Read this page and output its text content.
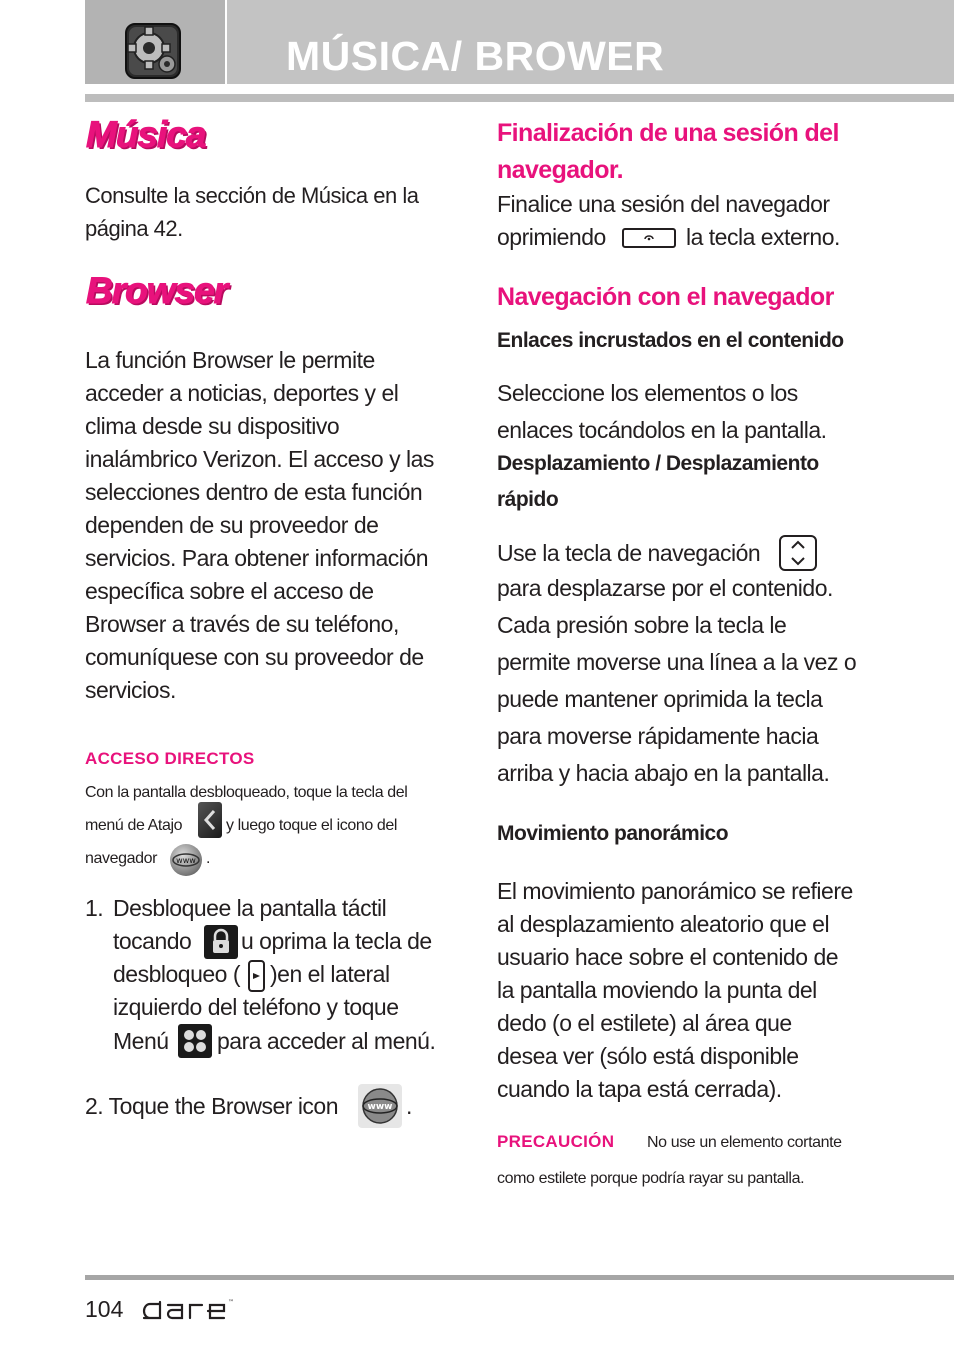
MÚSICA/ BROWER
Música
Consulte la sección de Música en la
página 42.
Browser
La función Browser le permite
acceder a noticias, deportes y el
clima desde su dispositivo
inalámbrico Verizon. El acceso y las
selecciones dentro de esta función
dependen de su proveedor de
servicios. Para obtener información
específica sobre el acceso de
Browser a través de su teléfono,
comuníquese con su proveedor de
servicios.
ACCESO DIRECTOS
Con la pantalla desbloqueado, toque la tecla del
menú de Atajo	y luego toque el icono del
navegador www .
1. Desbloquee la pantalla táctil
tocando u oprima la tecla de
desbloqueo ( )en el lateral
izquierdo del teléfono y toque
Menú para acceder al menú.
2. Toque the Browser icon	www .
Finalización de una sesión del
navegador.
Finalice una sesión del navegador
oprimiendo	la tecla externo.
Navegación con el navegador
Enlaces incrustados en el contenido
Seleccione los elementos o los
enlaces tocándolos en la pantalla.
Desplazamiento / Desplazamiento
rápido
Use la tecla de navegación
para desplazarse por el contenido.
Cada presión sobre la tecla le
permite moverse una línea a la vez o
puede mantener oprimida la tecla
para moverse rápidamente hacia
arriba y hacia abajo en la pantalla.
Movimiento panorámico
El movimiento panorámico se refiere
al desplazamiento aleatorio que el
usuario hace sobre el contenido de
la pantalla moviendo la punta del
dedo (o el estilete) al área que
desea ver (sólo está disponible
cuando la tapa está cerrada).
PRECAUCIÓN No use un elemento cortante
como estilete porque podría rayar su pantalla.
104	™
